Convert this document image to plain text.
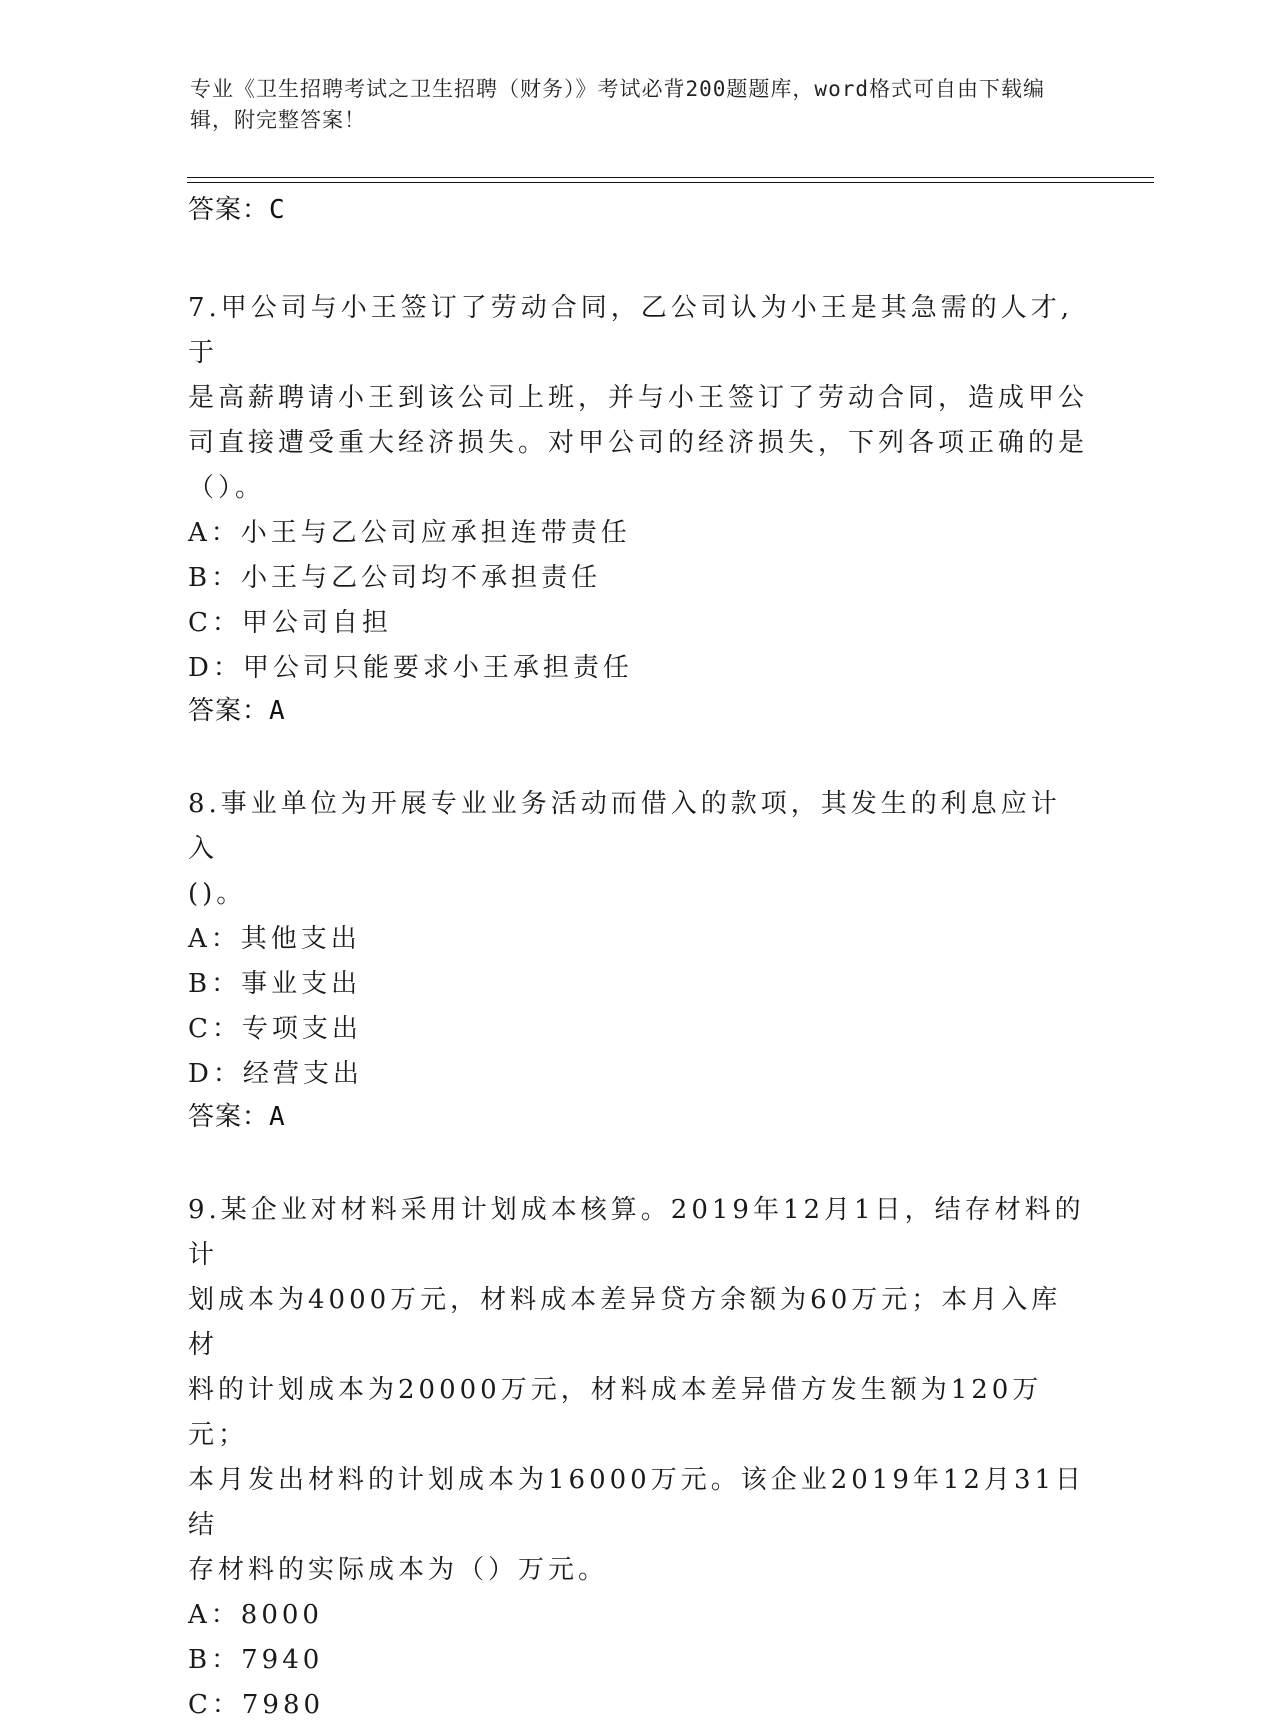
专业《卫生招聘考试之卫生招聘（财务）》考试必背200题题库，word格式可自由下载编辑，附完整答案！
答案：C
7.甲公司与小王签订了劳动合同，乙公司认为小王是其急需的人才,于
是高薪聘请小王到该公司上班，并与小王签订了劳动合同，造成甲公
司直接遭受重大经济损失。对甲公司的经济损失，下列各项正确的是
（）。
A：小王与乙公司应承担连带责任
B：小王与乙公司均不承担责任
C：甲公司自担
D：甲公司只能要求小王承担责任
答案：A
8.事业单位为开展专业业务活动而借入的款项，其发生的利息应计入
()。
A：其他支出
B：事业支出
C：专项支出
D：经营支出
答案：A
9.某企业对材料采用计划成本核算。2019年12月1日，结存材料的计
划成本为4000万元，材料成本差异贷方余额为60万元；本月入库材
料的计划成本为20000万元，材料成本差异借方发生额为120万元；
本月发出材料的计划成本为16000万元。该企业2019年12月31日结
存材料的实际成本为（）万元。
A：8000
B：7940
C：7980
